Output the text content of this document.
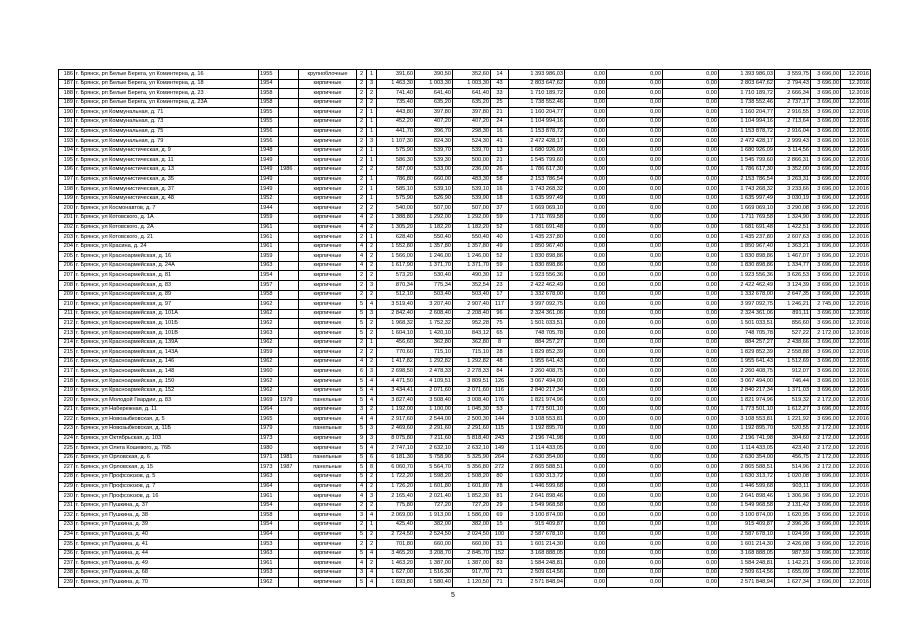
186	г. Брянск, рп Белые Берега, ул Коминтерна, д. 16	1955		крупноблочные	2	1	391,60	390,50	352,60	14	1 393 986,03	0,00	0,00	0,00	1 393 986,03	3 559,75	3 696,00	12.2016
187	г. Брянск, рп Белые Берега, ул Коминтерна, д. 18	1954		кирпичные	2	3	1 463,30	1 003,30	1 003,30	43	2 803 647,62	0,00	0,00	0,00	2 803 647,62	2 794,43	3 696,00	12.2016
188	г. Брянск, рп Белые Берега, ул Коминтерна, д. 23	1958		кирпичные	2	2	741,40	641,40	641,40	33	1 710 189,72	0,00	0,00	0,00	1 710 189,72	2 666,34	3 696,00	12.2016
189	г. Брянск, рп Белые Берега, ул Коминтерна, д. 23А	1958		кирпичные	2	2	735,40	635,20	635,20	25	1 738 552,46	0,00	0,00	0,00	1 738 552,46	2 737,17	3 696,00	12.2016
190	г. Брянск, ул Коммунальная, д. 71	1955		кирпичные	2	1	443,80	397,80	397,80	21	1 160 204,77	0,00	0,00	0,00	1 160 204,77	2 916,55	3 696,00	12.2016
191	г. Брянск, ул Коммунальная, д. 73	1955		кирпичные	2	1	452,20	407,20	407,20	24	1 104 994,16	0,00	0,00	0,00	1 104 994,16	2 713,64	3 696,00	12.2016
192	г. Брянск, ул Коммунальная, д. 75	1956		кирпичные	2	1	441,70	396,70	298,30	16	1 153 878,72	0,00	0,00	0,00	1 153 878,72	2 916,04	3 696,00	12.2016
193	г. Брянск, ул Коммунальная, д. 79	1956		кирпичные	2	3	1 107,30	824,30	524,30	41	2 472 428,17	0,00	0,00	0,00	2 472 428,17	2 999,43	3 696,00	12.2016
194	г. Брянск, ул Коммунистическая, д. 9	1948		кирпичные	2	1	575,90	539,70	539,70	13	1 680 926,09	0,00	0,00	0,00	1 680 926,09	3 114,56	3 696,00	12.2016
195	г. Брянск, ул Коммунистическая, д. 11	1949		кирпичные	2	1	586,30	539,30	500,00	21	1 545 799,60	0,00	0,00	0,00	1 545 799,60	2 866,31	3 696,00	12.2016
196	г. Брянск, ул Коммунистическая, д. 13	1949	1986	кирпичные	2	2	587,00	533,00	236,00	26	1 786 617,30	0,00	0,00	0,00	1 786 617,30	3 352,00	3 696,00	12.2016
197	г. Брянск, ул Коммунистическая, д. 35	1949		кирпичные	2	1	786,80	660,00	483,30	58	2 153 786,54	0,00	0,00	0,00	2 153 786,54	3 263,31	3 696,00	12.2016
198	г. Брянск, ул Коммунистическая, д. 37	1949		кирпичные	2	1	585,10	539,10	539,10	16	1 743 268,32	0,00	0,00	0,00	1 743 268,32	3 233,66	3 696,00	12.2016
199	г. Брянск, ул Коммунистическая, д. 48	1952		кирпичные	2	1	575,90	526,90	539,90	18	1 635 997,49	0,00	0,00	0,00	1 635 997,49	3 030,19	3 696,00	12.2016
200	г. Брянск, ул Космонавтов, д. 7	1944		кирпичные	2	2	540,00	507,00	507,00	37	1 669 069,10	0,00	0,00	0,00	1 669 069,10	3 290,08	3 696,00	12.2016
201	г. Брянск, ул Котовского, д. 1А	1959		кирпичные	4	2	1 388,80	1 292,00	1 292,00	59	1 711 769,58	0,00	0,00	0,00	1 711 769,58	1 324,90	3 696,00	12.2016
202	г. Брянск, ул Котовского, д. 2А	1961		кирпичные	4	2	1 305,20	1 182,20	1 182,20	52	1 681 691,48	0,00	0,00	0,00	1 681 691,48	1 422,51	3 696,00	12.2016
203	г. Брянск, ул Котовского, д. 21	1961		кирпичные	2	1	628,40	550,40	550,40	40	1 435 237,80	0,00	0,00	0,00	1 435 237,80	2 607,63	3 696,00	12.2016
204	г. Брянск, ул Красина, д. 24	1961		кирпичные	4	2	1 552,80	1 357,80	1 357,80	49	1 850 967,40	0,00	0,00	0,00	1 850 967,40	1 363,21	3 696,00	12.2016
205	г. Брянск, ул Красноармейская, д. 16	1959		кирпичные	4	2	1 566,00	1 246,00	1 246,00	52	1 830 898,86	0,00	0,00	0,00	1 830 898,86	1 467,07	3 696,00	12.2016
206	г. Брянск, ул Красноармейская, д. 24А	1963		кирпичные	4	2	1 617,90	1 371,70	1 371,70	59	1 830 898,86	0,00	0,00	0,00	1 830 898,86	1 334,77	3 696,00	12.2016
207	г. Брянск, ул Красноармейская, д. 81	1954		кирпичные	2	2	573,20	530,40	490,30	12	1 923 556,36	0,00	0,00	0,00	1 923 556,36	3 626,53	3 696,00	12.2016
208	г. Брянск, ул Красноармейская, д. 83	1957		кирпичные	2	3	870,34	775,34	352,54	23	2 422 462,49	0,00	0,00	0,00	2 422 462,49	3 124,39	3 696,00	12.2016
209	г. Брянск, ул Красноармейская, д. 89	1958		кирпичные	2	2	512,10	503,40	503,40	17	1 332 678,00	0,00	0,00	0,00	1 332 678,00	2 647,35	3 696,00	12.2016
210	г. Брянск, ул Красноармейская, д. 97	1962		кирпичные	5	4	3 519,40	3 207,40	2 907,40	117	3 997 092,75	0,00	0,00	0,00	3 997 092,75	1 246,21	2 745,00	12.2016
211	г. Брянск, ул Красноармейская, д. 101А	1962		кирпичные	5	3	2 842,40	2 608,40	2 208,40	96	2 324 361,06	0,00	0,00	0,00	2 324 361,06	891,11	3 696,00	12.2016
212	г. Брянск, ул Красноармейская, д. 101Б	1962		кирпичные	5	2	1 968,32	1 752,32	952,28	75	1 501 033,51	0,00	0,00	0,00	1 501 033,51	856,60	3 696,00	12.2016
213	г. Брянск, ул Красноармейская, д. 101В	1963		кирпичные	5	2	1 604,10	1 420,10	843,12	65	748 705,78	0,00	0,00	0,00	748 705,78	527,22	2 172,00	12.2016
214	г. Брянск, ул Красноармейская, д. 139А	1962		кирпичные	2	1	456,60	362,80	362,80	8	884 257,27	0,00	0,00	0,00	884 257,27	2 438,66	3 696,00	12.2016
215	г. Брянск, ул Красноармейская, д. 143А	1959		кирпичные	2	2	770,60	715,10	715,10	28	1 829 852,39	0,00	0,00	0,00	1 829 852,39	2 558,88	3 696,00	12.2016
216	г. Брянск, ул Красноармейская, д. 146	1962		кирпичные	4	2	1 417,82	1 292,82	1 292,82	48	1 955 641,43	0,00	0,00	0,00	1 955 641,43	1 512,69	3 696,00	12.2016
217	г. Брянск, ул Красноармейская, д. 148	1960		кирпичные	6	3	2 698,50	2 478,33	2 278,33	84	2 260 408,75	0,00	0,00	0,00	2 260 408,75	912,07	3 696,00	12.2016
218	г. Брянск, ул Красноармейская, д. 150	1962		кирпичные	5	4	4 471,50	4 109,51	3 809,51	126	3 067 494,00	0,00	0,00	0,00	3 067 494,00	746,44	3 696,00	12.2016
219	г. Брянск, ул Красноармейская, д. 152	1962		кирпичные	5	4	3 434,41	2 071,60	2 071,60	116	2 840 217,34	0,00	0,00	0,00	2 840 217,34	1 371,03	3 696,00	12.2016
220	г. Брянск, ул Молодой Гвардии, д. 83	1969	1979	панельные	5	4	3 827,40	3 508,40	3 008,40	176	1 821 974,96	0,00	0,00	0,00	1 821 974,96	519,32	2 172,00	12.2016
221	г. Брянск, ул Набережная, д. 11	1964		кирпичные	3	2	1 192,00	1 100,00	1 045,30	53	1 773 501,10	0,00	0,00	0,00	1 773 501,10	1 612,27	3 696,00	12.2016
222	г. Брянск, ул Новозыбковская, д. 5	1965		кирпичные	4	4	2 917,60	2 544,00	2 500,30	144	3 108 553,81	0,00	0,00	0,00	3 108 553,81	1 221,92	3 696,00	12.2016
223	г. Брянск, ул Новозыбковская, д. 11Б	1979		панельные	5	3	2 469,60	2 291,60	2 291,60	115	1 192 895,70	0,00	0,00	0,00	1 192 895,70	520,55	2 172,00	12.2016
224	г. Брянск, ул Октябрьская, д. 103	1973		кирпичные	9	3	8 075,80	7 211,60	5 818,40	243	2 196 741,98	0,00	0,00	0,00	2 196 741,98	304,60	2 172,00	12.2016
225	г. Брянск, ул Олега Кошевого, д. 76Б	1980		кирпичные	5	4	2 747,10	2 632,10	2 632,10	149	1 114 433,05	0,00	0,00	0,00	1 114 433,05	423,40	2 172,00	12.2016
226	г. Брянск, ул Орловская, д. 6	1971	1981	панельные	5	6	6 181,30	5 758,90	5 325,90	264	2 630 354,00	0,00	0,00	0,00	2 630 354,00	456,75	2 172,00	12.2016
227	г. Брянск, ул Орловская, д. 15	1973	1987	панельные	5	8	6 060,70	5 564,70	5 356,80	272	2 865 588,51	0,00	0,00	0,00	2 865 588,51	514,96	2 172,00	12.2016
228	г. Брянск, ул Профсоюзов, д. 5	1963		кирпичные	5	2	1 722,20	1 598,20	1 508,20	80	1 630 313,72	0,00	0,00	0,00	1 630 313,72	1 020,08	3 696,00	12.2016
229	г. Брянск, ул Профсоюзов, д. 7	1964		кирпичные	4	2	1 726,20	1 601,80	1 601,80	78	1 446 599,68	0,00	0,00	0,00	1 446 599,68	903,11	3 696,00	12.2016
230	г. Брянск, ул Профсоюзов, д. 16	1961		кирпичные	4	3	2 165,40	2 021,40	1 852,30	81	2 641 898,46	0,00	0,00	0,00	2 641 898,46	1 306,96	3 696,00	12.2016
231	г. Брянск, ул Пушкина, д. 37	1954		кирпичные	2	2	775,80	727,20	727,20	29	1 549 968,58	0,00	0,00	0,00	1 549 968,58	2 131,42	3 696,00	12.2016
232	г. Брянск, ул Пушкина, д. 38	1958		кирпичные	3	4	2 069,00	1 913,00	1 586,00	69	3 100 874,00	0,00	0,00	0,00	3 100 874,00	1 620,95	3 696,00	12.2016
233	г. Брянск, ул Пушкина, д. 39	1954		кирпичные	2	1	425,40	382,00	382,00	15	915 409,87	0,00	0,00	0,00	915 409,87	2 396,36	3 696,00	12.2016
234	г. Брянск, ул Пушкина, д. 40	1964		кирпичные	5	2	2 724,50	2 524,50	2 024,50	100	2 587 678,10	0,00	0,00	0,00	2 587 678,10	1 024,99	3 696,00	12.2016
235	г. Брянск, ул Пушкина, д. 41	1953		кирпичные	2	2	701,80	660,00	660,00	31	1 601 214,30	0,00	0,00	0,00	1 601 214,30	2 426,08	3 696,00	12.2016
236	г. Брянск, ул Пушкина, д. 44	1963		кирпичные	5	4	3 465,20	3 208,70	2 845,70	152	3 168 888,05	0,00	0,00	0,00	3 168 888,05	987,59	3 696,00	12.2016
237	г. Брянск, ул Пушкина, д. 49	1961		кирпичные	4	2	1 463,20	1 387,00	1 387,00	83	1 584 248,81	0,00	0,00	0,00	1 584 248,81	1 142,21	3 696,00	12.2016
238	г. Брянск, ул Пушкина, д. 68	1953		кирпичные	3	4	1 627,00	1 516,30	917,70	71	2 509 614,56	0,00	0,00	0,00	2 509 614,56	1 655,09	3 696,00	12.2016
239	г. Брянск, ул Пушкина, д. 70	1962		кирпичные	5	4	1 693,80	1 580,40	1 120,50	71	2 571 848,94	0,00	0,00	0,00	2 571 848,94	1 627,34	3 696,00	12.2016
5
